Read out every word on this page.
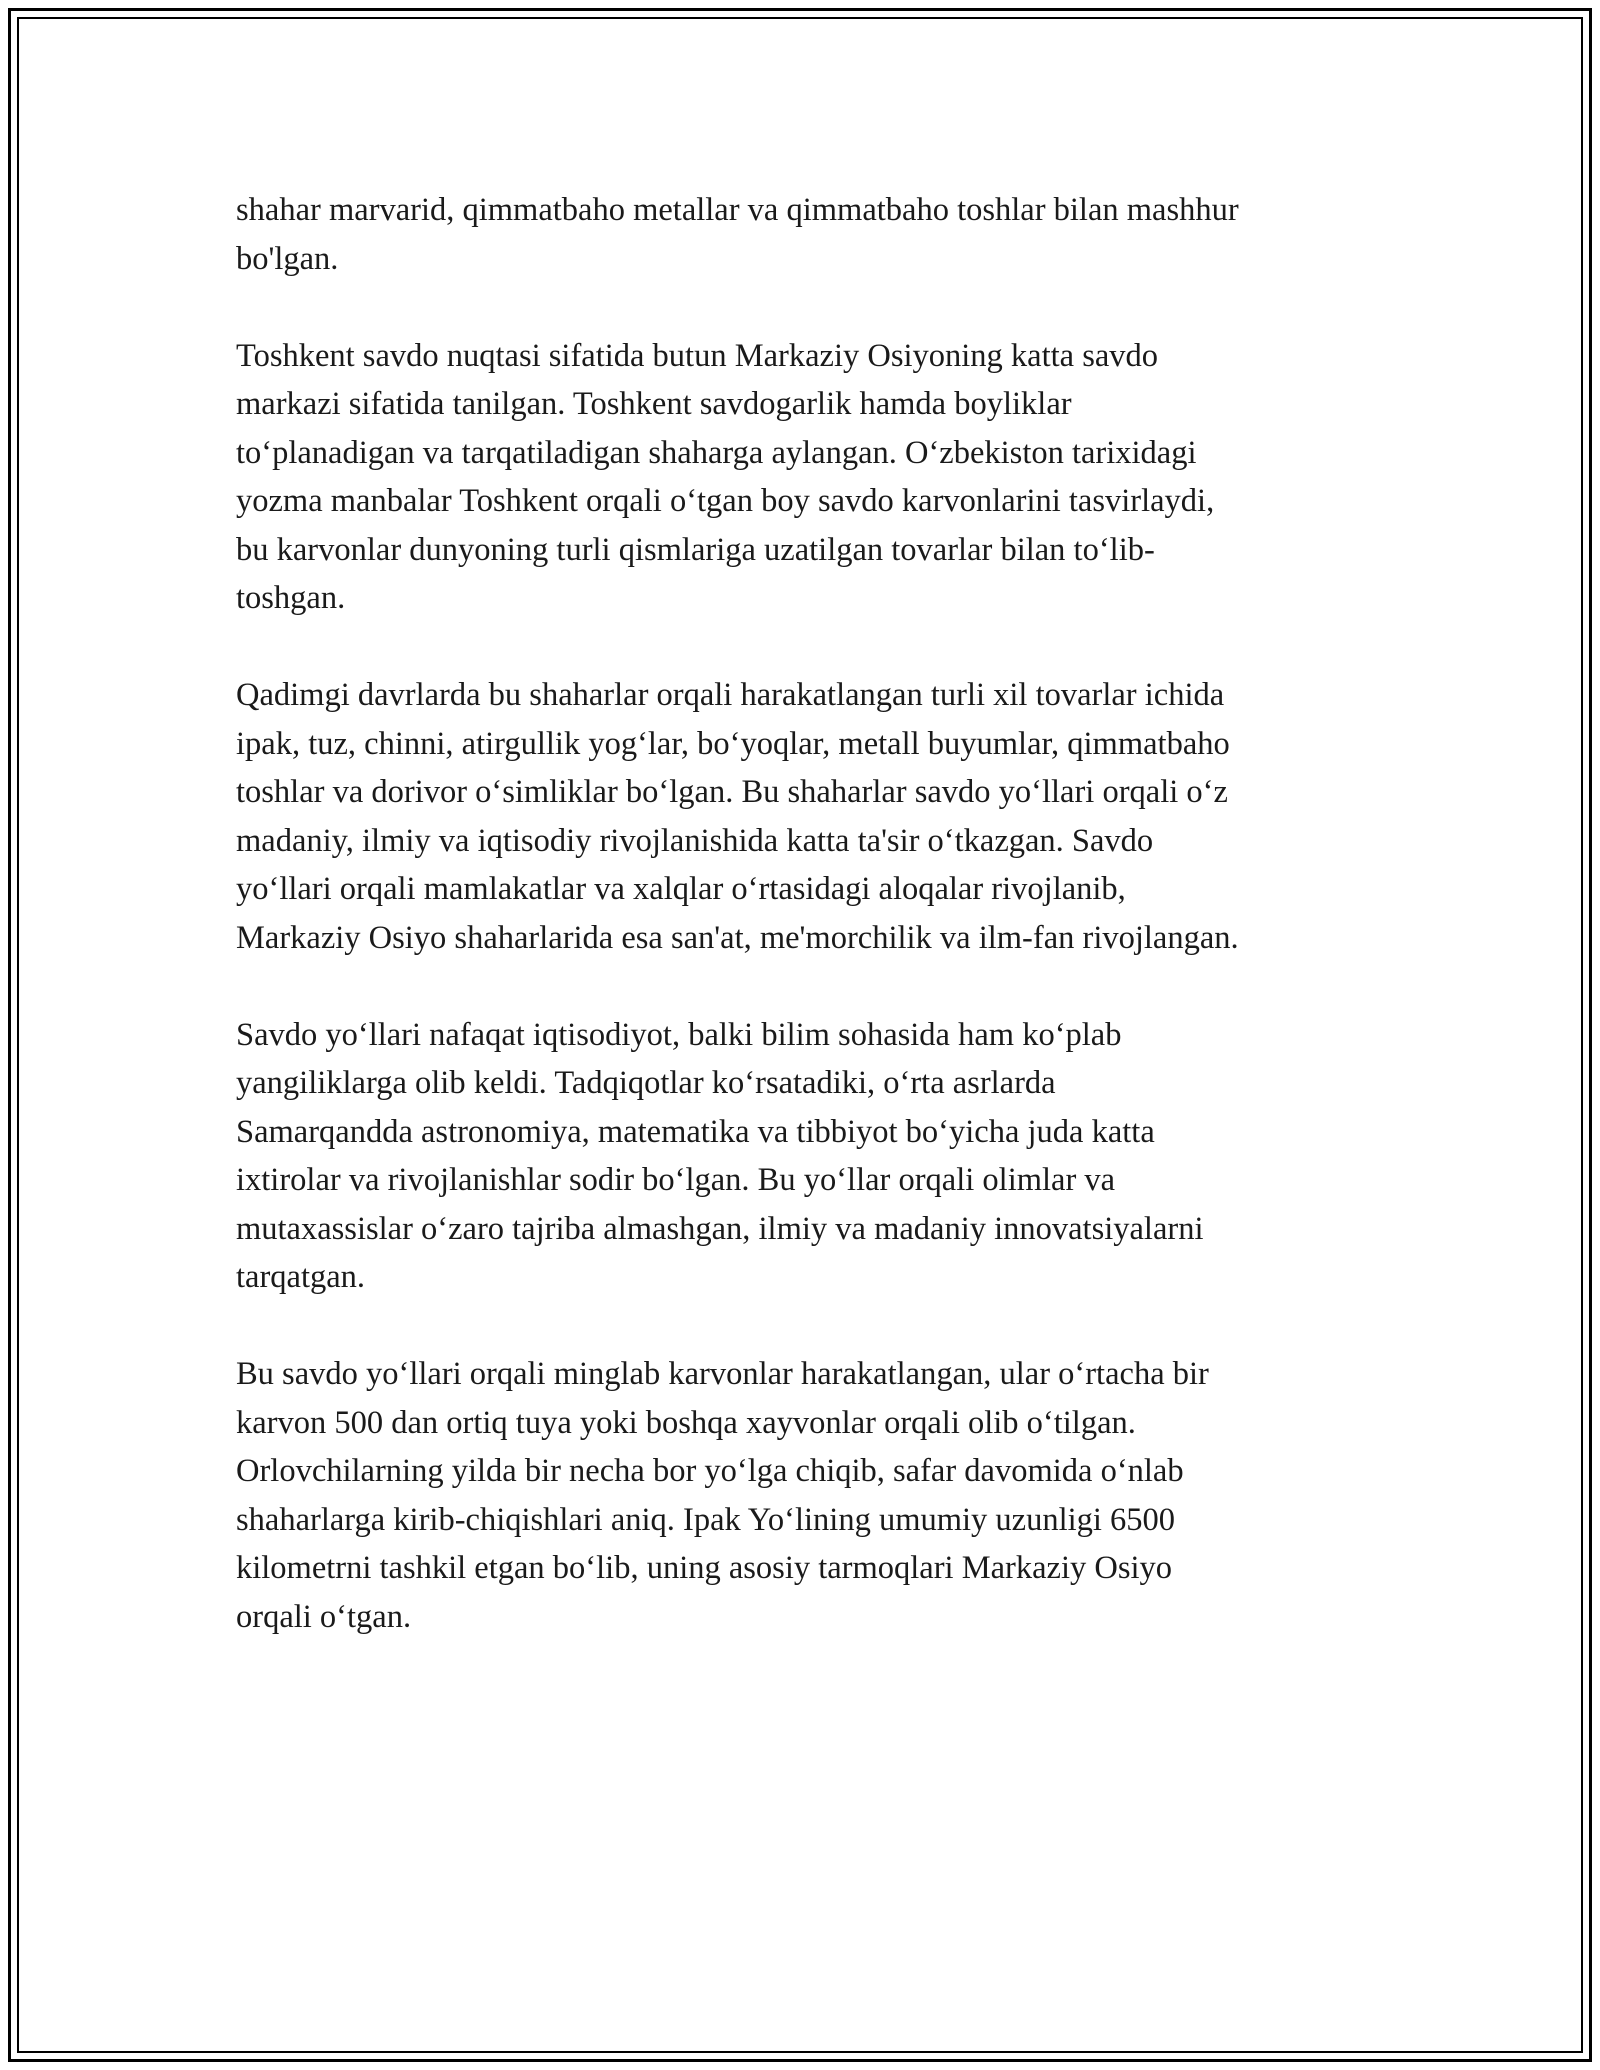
shahar marvarid, qimmatbaho metallar va qimmatbaho toshlar bilan mashhur
bo'lgan.

Toshkent savdo nuqtasi sifatida butun Markaziy Osiyoning katta savdo
markazi sifatida tanilgan. Toshkent savdogarlik hamda boyliklar
to‘planadigan va tarqatiladigan shaharga aylangan. O‘zbekiston tarixidagi
yozma manbalar Toshkent orqali o‘tgan boy savdo karvonlarini tasvirlaydi,
bu karvonlar dunyoning turli qismlariga uzatilgan tovarlar bilan to‘lib-
toshgan.

Qadimgi davrlarda bu shaharlar orqali harakatlangan turli xil tovarlar ichida
ipak, tuz, chinni, atirgullik yog‘lar, bo‘yoqlar, metall buyumlar, qimmatbaho
toshlar va dorivor o‘simliklar bo‘lgan. Bu shaharlar savdo yo‘llari orqali o‘z
madaniy, ilmiy va iqtisodiy rivojlanishida katta ta'sir o‘tkazgan. Savdo
yo‘llari orqali mamlakatlar va xalqlar o‘rtasidagi aloqalar rivojlanib,
Markaziy Osiyo shaharlarida esa san'at, me'morchilik va ilm-fan rivojlangan.

Savdo yo‘llari nafaqat iqtisodiyot, balki bilim sohasida ham ko‘plab
yangiliklarga olib keldi. Tadqiqotlar ko‘rsatadiki, o‘rta asrlarda
Samarqandda astronomiya, matematika va tibbiyot bo‘yicha juda katta
ixtirolar va rivojlanishlar sodir bo‘lgan. Bu yo‘llar orqali olimlar va
mutaxassislar o‘zaro tajriba almashgan, ilmiy va madaniy innovatsiyalarni
tarqatgan.

Bu savdo yo‘llari orqali minglab karvonlar harakatlangan, ular o‘rtacha bir
karvon 500 dan ortiq tuya yoki boshqa xayvonlar orqali olib o‘tilgan.
Orlovchilarning yilda bir necha bor yo‘lga chiqib, safar davomida o‘nlab
shaharlarga kirib-chiqishlari aniq. Ipak Yo‘lining umumiy uzunligi 6500
kilometrni tashkil etgan bo‘lib, uning asosiy tarmoqlari Markaziy Osiyo
orqali o‘tgan.
